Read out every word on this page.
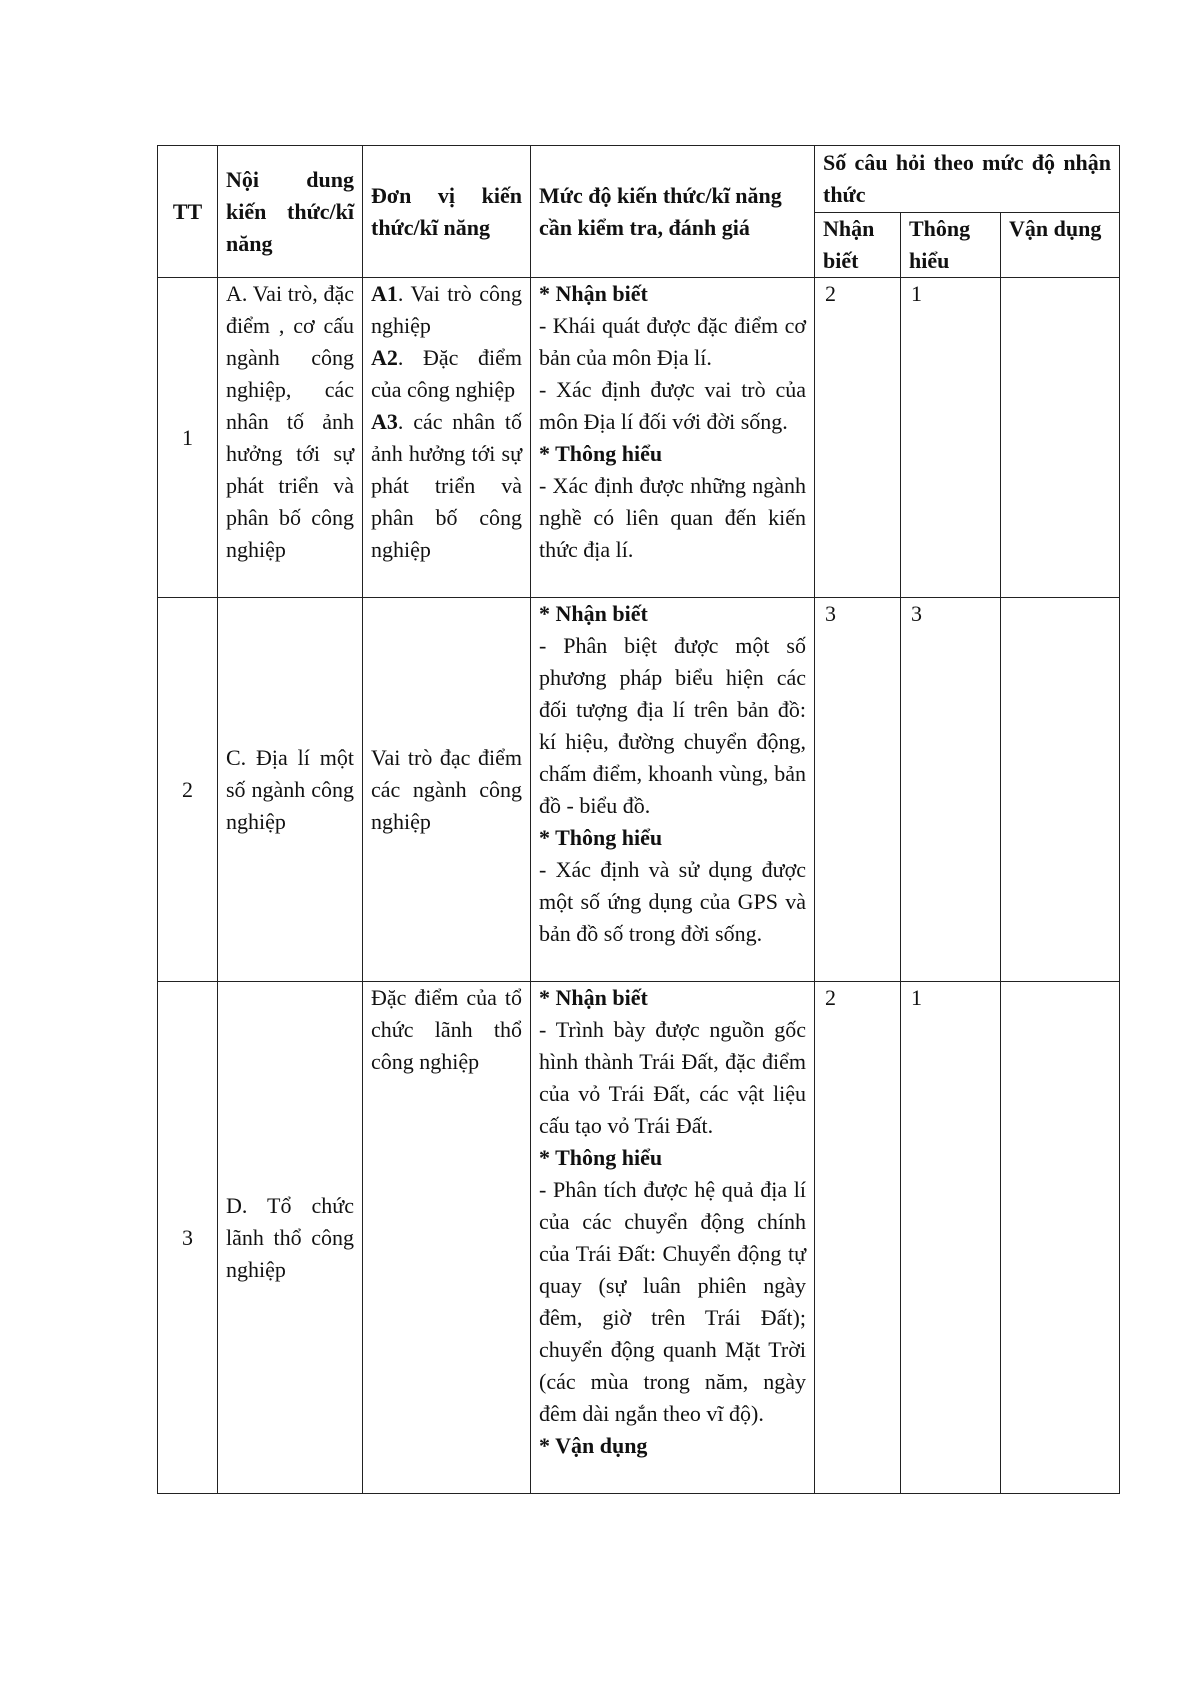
TT	Nội dung kiến thức/kĩ năng	Đơn vị kiến thức/kĩ năng	Mức độ kiến thức/kĩ năng cần kiểm tra, đánh giá	Số câu hỏi theo mức độ nhận thức		
				Nhận biết	Thông hiểu	Vận dụng
1	A. Vai trò, đặc điểm , cơ cấu ngành công nghiệp, các nhân tố ảnh hưởng tới sự phát triển và phân bố công nghiệp	A1. Vai trò công nghiệp
A2. Đặc điểm của công nghiệp
A3. các nhân tố ảnh hưởng tới sự phát triển và phân bố công nghiệp	* Nhận biết
- Khái quát được đặc điểm cơ bản của môn Địa lí.
- Xác định được vai trò của môn Địa lí đối với đời sống.
* Thông hiểu
- Xác định được những ngành nghề có liên quan đến kiến thức địa lí.	2	1	
2	C. Địa lí một số ngành công nghiệp	Vai trò đạc điểm các ngành công nghiệp	* Nhận biết
- Phân biệt được một số phương pháp biểu hiện các đối tượng địa lí trên bản đồ: kí hiệu, đường chuyển động, chấm điểm, khoanh vùng, bản đồ - biểu đồ.
* Thông hiểu
- Xác định và sử dụng được một số ứng dụng của GPS và bản đồ số trong đời sống.	3	3	
3	D. Tổ chức lãnh thổ công nghiệp	Đặc điểm của tổ chức lãnh thổ công nghiệp	* Nhận biết
- Trình bày được nguồn gốc hình thành Trái Đất, đặc điểm của vỏ Trái Đất, các vật liệu cấu tạo vỏ Trái Đất.
* Thông hiểu
- Phân tích được hệ quả địa lí của các chuyển động chính của Trái Đất: Chuyển động tự quay (sự luân phiên ngày đêm, giờ trên Trái Đất); chuyển động quanh Mặt Trời (các mùa trong năm, ngày đêm dài ngắn theo vĩ độ).
* Vận dụng	2	1	
